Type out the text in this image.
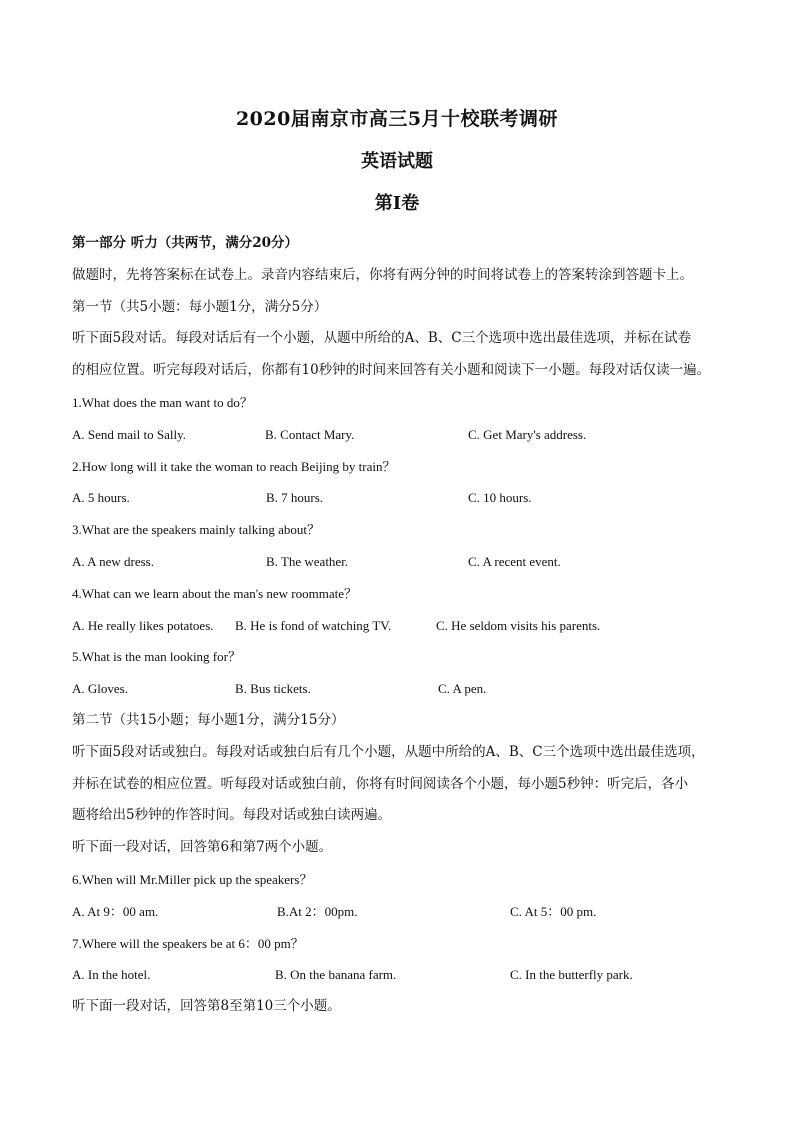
2020届南京市高三5月十校联考调研
英语试题
第I卷
第一部分 听力（共两节，满分20分）
做题时，先将答案标在试卷上。录音内容结束后，你将有两分钟的时间将试卷上的答案转涂到答题卡上。
第一节（共5小题：每小题1分，满分5分）
听下面5段对话。每段对话后有一个小题，从题中所给的A、B、C三个选项中选出最佳选项，并标在试卷
的相应位置。听完每段对话后，你都有10秒钟的时间来回答有关小题和阅读下一小题。每段对话仅读一遍。
1.What does the man want to do？
A. Send mail to Sally.	B. Contact Mary.	C. Get Mary's address.
2.How long will it take the woman to reach Beijing by train？
A. 5 hours.	B. 7 hours.	C. 10 hours.
3.What are the speakers mainly talking about？
A. A new dress.	B. The weather.	C. A recent event.
4.What can we learn about the man's new roommate？
A. He really likes potatoes. B. He is fond of watching TV.	C. He seldom visits his parents.
5.What is the man looking for？
A. Gloves.	B. Bus tickets.	C. A pen.
第二节（共15小题；每小题1分，满分15分）
听下面5段对话或独白。每段对话或独白后有几个小题，从题中所给的A、B、C三个选项中选出最佳选项，
并标在试卷的相应位置。听每段对话或独白前，你将有时间阅读各个小题，每小题5秒钟：听完后，各小
题将给出5秒钟的作答时间。每段对话或独白读两遍。
听下面一段对话，回答第6和第7两个小题。
6.When will Mr.Miller pick up the speakers？
A. At 9：00 am.	B.At 2：00pm.	C. At 5：00 pm.
7.Where will the speakers be at 6：00 pm？
A. In the hotel.	B. On the banana farm.	C. In the butterfly park.
听下面一段对话，回答第8至第10三个小题。
